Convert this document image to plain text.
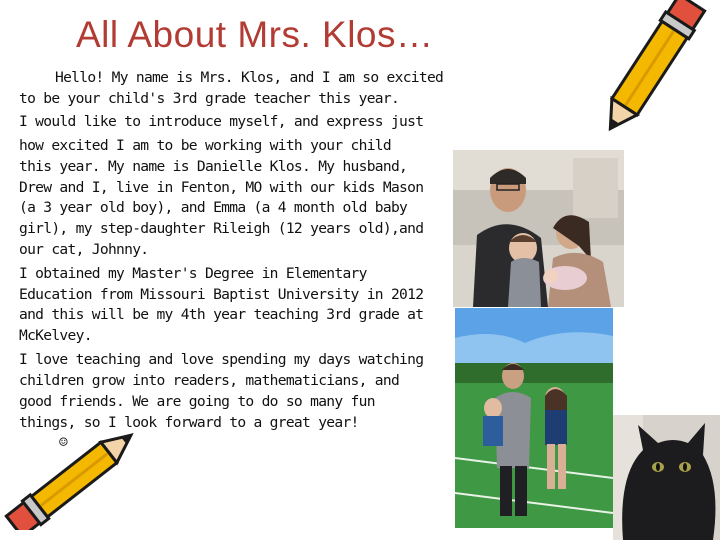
All About Mrs. Klos…

Hello! My name is Mrs. Klos, and I am so excited to be your child's 3rd grade teacher this year.

I would like to introduce myself, and express just

how excited I am to be working with your child

this year. My name is Danielle Klos. My husband,

Drew and I, live in Fenton, MO with our kids Mason

(a 3 year old boy), and Emma (a 4 month old baby

girl), my step-daughter Rileigh (12 years old),and

our cat, Johnny.

I obtained my Master's Degree in Elementary

Education from Missouri Baptist University in 2012

and this will be my 4th year teaching 3rd grade at

McKelvey.

I love teaching and love spending my days watching

children grow into readers, mathematicians, and

good friends. We are going to do so many fun

things, so I look forward to a great year!

☺
